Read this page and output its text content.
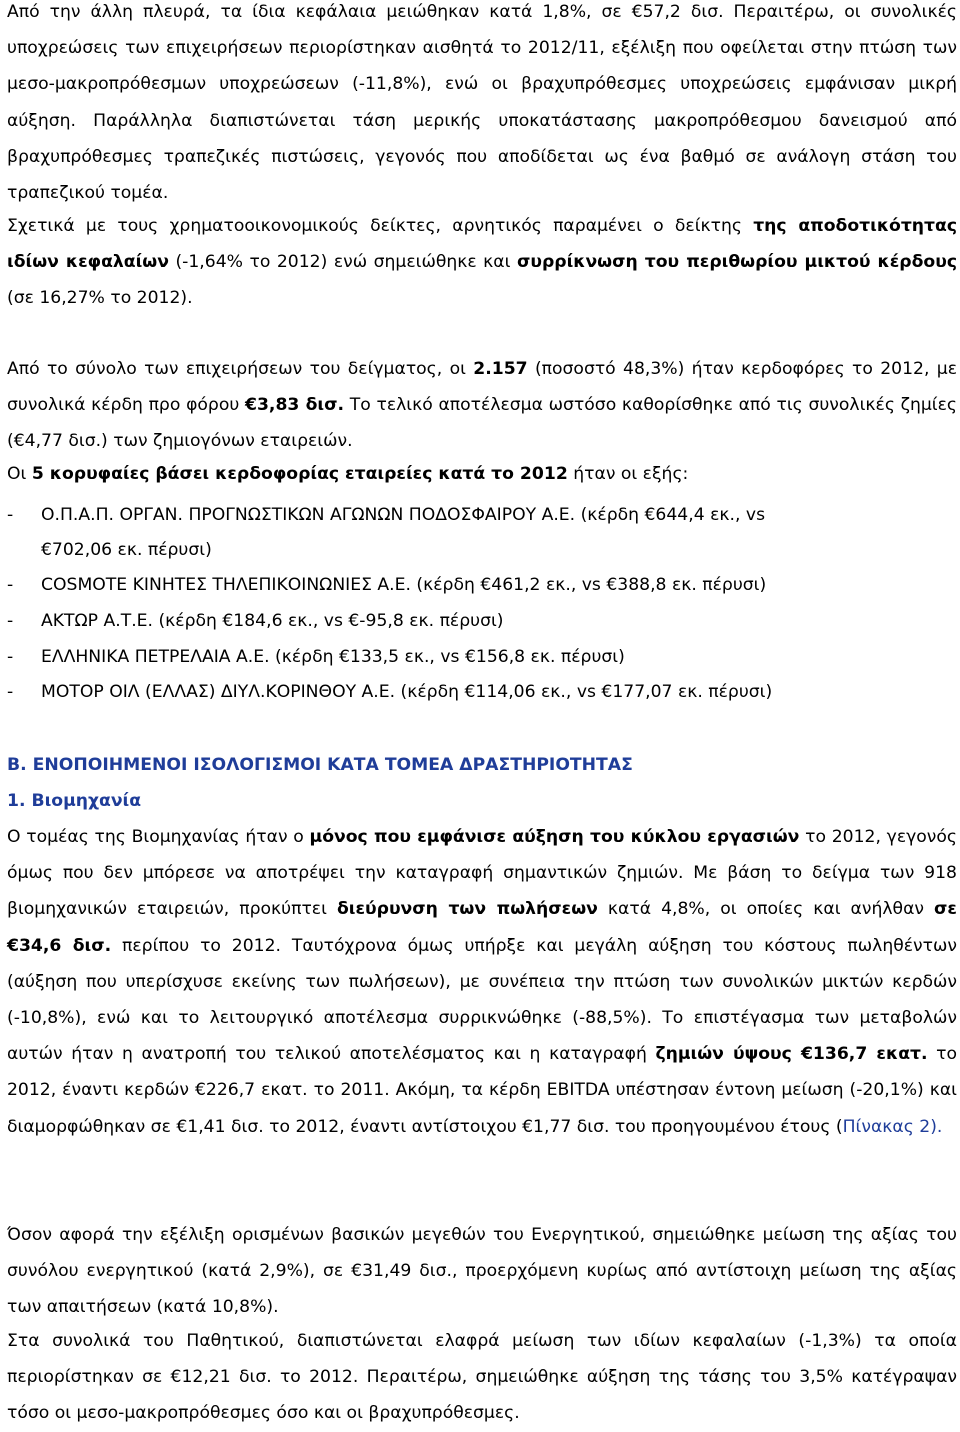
Από την άλλη πλευρά, τα ίδια κεφάλαια μειώθηκαν κατά 1,8%, σε €57,2 δισ. Περαιτέρω, οι συνολικές υποχρεώσεις των επιχειρήσεων περιορίστηκαν αισθητά το 2012/11, εξέλιξη που οφείλεται στην πτώση των μεσο-μακροπρόθεσμων υποχρεώσεων (-11,8%), ενώ οι βραχυπρόθεσμες υποχρεώσεις εμφάνισαν μικρή αύξηση. Παράλληλα διαπιστώνεται τάση μερικής υποκατάστασης μακροπρόθεσμου δανεισμού από βραχυπρόθεσμες τραπεζικές πιστώσεις, γεγονός που αποδίδεται ως ένα βαθμό σε ανάλογη στάση του τραπεζικού τομέα.

Σχετικά με τους χρηματοοικονομικούς δείκτες, αρνητικός παραμένει ο δείκτης της αποδοτικότητας ιδίων κεφαλαίων (-1,64% το 2012) ενώ σημειώθηκε και συρρίκνωση του περιθωρίου μικτού κέρδους (σε 16,27% το 2012).

Από το σύνολο των επιχειρήσεων του δείγματος, οι 2.157 (ποσοστό 48,3%) ήταν κερδοφόρες το 2012, με συνολικά κέρδη προ φόρου €3,83 δισ. Το τελικό αποτέλεσμα ωστόσο καθορίσθηκε από τις συνολικές ζημίες (€4,77 δισ.) των ζημιογόνων εταιρειών.

Οι 5 κορυφαίες βάσει κερδοφορίας εταιρείες κατά το 2012 ήταν οι εξής:
- Ο.Π.Α.Π. ΟΡΓΑΝ. ΠΡΟΓΝΩΣΤΙΚΩΝ ΑΓΩΝΩΝ ΠΟΔΟΣΦΑΙΡΟΥ Α.Ε. (κέρδη €644,4 εκ., vs
€702,06 εκ. πέρυσι)
- COSMOTE ΚΙΝΗΤΕΣ ΤΗΛΕΠΙΚΟΙΝΩΝΙΕΣ Α.Ε. (κέρδη €461,2 εκ., vs €388,8 εκ. πέρυσι)
- ΑΚΤΩΡ Α.Τ.Ε. (κέρδη €184,6 εκ., vs €-95,8 εκ. πέρυσι)
- ΕΛΛΗΝΙΚΑ ΠΕΤΡΕΛΑΙΑ Α.Ε. (κέρδη €133,5 εκ., vs €156,8 εκ. πέρυσι)
- ΜΟΤΟΡ ΟΙΛ (ΕΛΛΑΣ) ΔΙΥΛ.ΚΟΡΙΝΘΟΥ Α.Ε. (κέρδη €114,06 εκ., vs €177,07 εκ. πέρυσι)
Β. ΕΝΟΠΟΙΗΜΕΝΟΙ ΙΣΟΛΟΓΙΣΜΟΙ ΚΑΤΑ ΤΟΜΕΑ ΔΡΑΣΤΗΡΙΟΤΗΤΑΣ
1. Βιομηχανία

Ο τομέας της Βιομηχανίας ήταν ο μόνος που εμφάνισε αύξηση του κύκλου εργασιών το 2012, γεγονός όμως που δεν μπόρεσε να αποτρέψει την καταγραφή σημαντικών ζημιών. Με βάση το δείγμα των 918 βιομηχανικών εταιρειών, προκύπτει διεύρυνση των πωλήσεων κατά 4,8%, οι οποίες και ανήλθαν σε €34,6 δισ. περίπου το 2012. Ταυτόχρονα όμως υπήρξε και μεγάλη αύξηση του κόστους πωληθέντων (αύξηση που υπερίσχυσε εκείνης των πωλήσεων), με συνέπεια την πτώση των συνολικών μικτών κερδών (-10,8%), ενώ και το λειτουργικό αποτέλεσμα συρρικνώθηκε (-88,5%). Το επιστέγασμα των μεταβολών αυτών ήταν η ανατροπή του τελικού αποτελέσματος και η καταγραφή ζημιών ύψους €136,7 εκατ. το 2012, έναντι κερδών €226,7 εκατ. το 2011. Ακόμη, τα κέρδη EBITDA υπέστησαν έντονη μείωση (-20,1%) και διαμορφώθηκαν σε €1,41 δισ. το 2012, έναντι αντίστοιχου €1,77 δισ. του προηγουμένου έτους (Πίνακας 2).

Όσον αφορά την εξέλιξη ορισμένων βασικών μεγεθών του Ενεργητικού, σημειώθηκε μείωση της αξίας του συνόλου ενεργητικού (κατά 2,9%), σε €31,49 δισ., προερχόμενη κυρίως από αντίστοιχη μείωση της αξίας των απαιτήσεων (κατά 10,8%).

Στα συνολικά του Παθητικού, διαπιστώνεται ελαφρά μείωση των ιδίων κεφαλαίων (-1,3%) τα οποία περιορίστηκαν σε €12,21 δισ. το 2012. Περαιτέρω, σημειώθηκε αύξηση της τάσης του 3,5% κατέγραψαν τόσο οι μεσο-μακροπρόθεσμες όσο και οι βραχυπρόθεσμες.
